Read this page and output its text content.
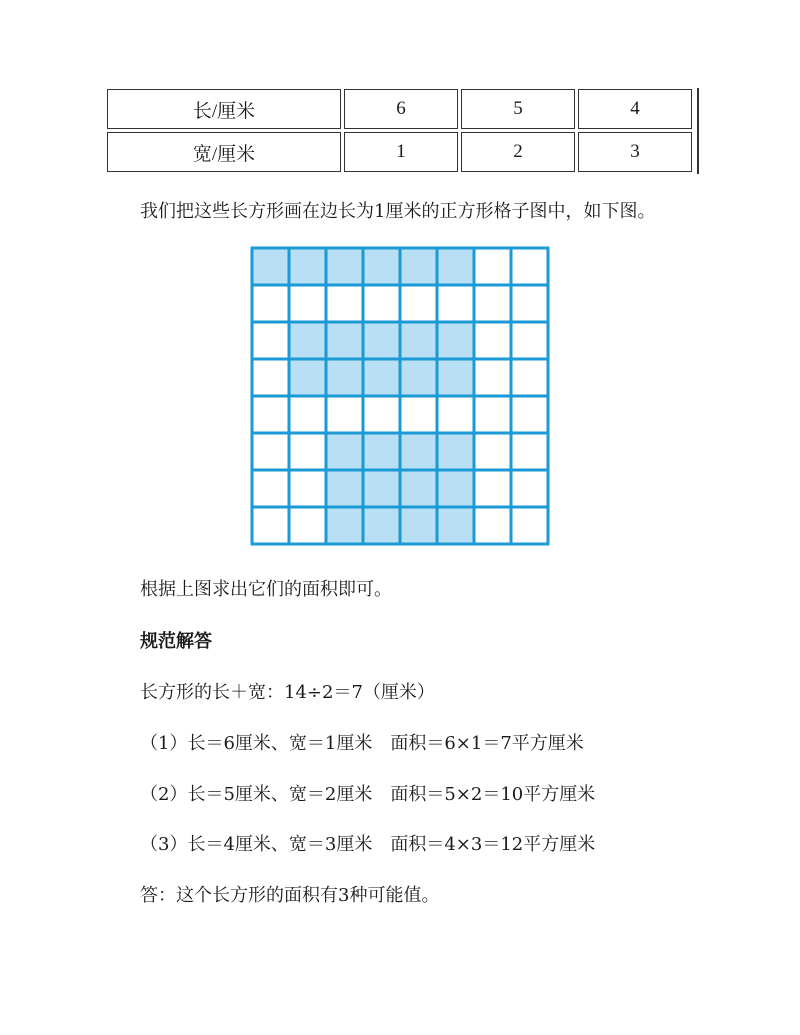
长/厘米	6	5	4
宽/厘米	1	2	3
我们把这些长方形画在边长为1厘米的正方形格子图中，如下图。
根据上图求出它们的面积即可。
规范解答
长方形的长＋宽：14÷2＝7（厘米）
（1）长＝6厘米、宽＝1厘米　面积＝6×1＝7平方厘米
（2）长＝5厘米、宽＝2厘米　面积＝5×2＝10平方厘米
（3）长＝4厘米、宽＝3厘米　面积＝4×3＝12平方厘米
答：这个长方形的面积有3种可能值。
